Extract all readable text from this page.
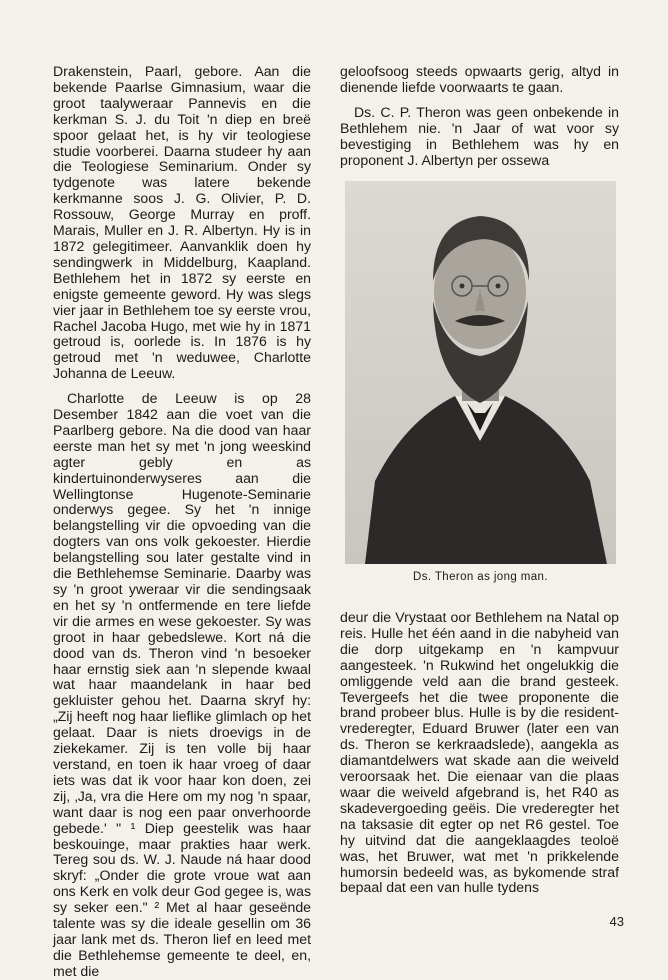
Drakenstein, Paarl, gebore. Aan die bekende Paarlse Gimnasium, waar die groot taalyweraar Pannevis en die kerkman S. J. du Toit 'n diep en breë spoor gelaat het, is hy vir teologiese studie voorberei. Daarna studeer hy aan die Teologiese Seminarium. Onder sy tydgenote was latere bekende kerkmanne soos J. G. Olivier, P. D. Rossouw, George Murray en proff. Marais, Muller en J. R. Albertyn. Hy is in 1872 gelegitimeer. Aanvanklik doen hy sendingwerk in Middelburg, Kaapland. Bethlehem het in 1872 sy eerste en enigste gemeente geword. Hy was slegs vier jaar in Bethlehem toe sy eerste vrou, Rachel Jacoba Hugo, met wie hy in 1871 getroud is, oorlede is. In 1876 is hy getroud met 'n weduwee, Charlotte Johanna de Leeuw.

Charlotte de Leeuw is op 28 Desember 1842 aan die voet van die Paarlberg gebore. Na die dood van haar eerste man het sy met 'n jong weeskind agter gebly en as kindertuinonderwyseres aan die Wellingtonse Hugenote-Seminarie onderwys gegee. Sy het 'n innige belangstelling vir die opvoeding van die dogters van ons volk gekoester. Hierdie belangstelling sou later gestalte vind in die Bethlehemse Seminarie. Daarby was sy 'n groot yweraar vir die sendingsaak en het sy 'n ontfermende en tere liefde vir die armes en wese gekoester. Sy was groot in haar gebedslewe. Kort ná die dood van ds. Theron vind 'n besoeker haar ernstig siek aan 'n slepende kwaal wat haar maandelank in haar bed gekluister gehou het. Daarna skryf hy: „Zij heeft nog haar lieflike glimlach op het gelaat. Daar is niets droevigs in de ziekekamer. Zij is ten volle bij haar verstand, en toen ik haar vroeg of daar iets was dat ik voor haar kon doen, zei zij, ‚Ja, vra die Here om my nog 'n spaar, want daar is nog een paar onverhoorde gebede.' " ¹ Diep geestelik was haar beskouinge, maar prakties haar werk. Tereg sou ds. W. J. Naude ná haar dood skryf: „Onder die grote vroue wat aan ons Kerk en volk deur God gegee is, was sy seker een." ² Met al haar geseënde talente was sy die ideale gesellin om 36 jaar lank met ds. Theron lief en leed met die Bethlehemse gemeente te deel, en, met die

geloofsoog steeds opwaarts gerig, altyd in dienende liefde voorwaarts te gaan.

Ds. C. P. Theron was geen onbekende in Bethlehem nie. 'n Jaar of wat voor sy bevestiging in Bethlehem was hy en proponent J. Albertyn per ossewa

Ds. Theron as jong man.

deur die Vrystaat oor Bethlehem na Natal op reis. Hulle het één aand in die nabyheid van die dorp uitgekamp en 'n kampvuur aangesteek. 'n Rukwind het ongelukkig die omliggende veld aan die brand gesteek. Tevergeefs het die twee proponente die brand probeer blus. Hulle is by die resident-vrederegter, Eduard Bruwer (later een van ds. Theron se kerkraadslede), aangekla as diamantdelwers wat skade aan die weiveld veroorsaak het. Die eienaar van die plaas waar die weiveld afgebrand is, het R40 as skadevergoeding geëis. Die vrederegter het na taksasie dit egter op net R6 gestel. Toe hy uitvind dat die aangeklaagdes teoloë was, het Bruwer, wat met 'n prikkelende humorsin bedeeld was, as bykomende straf bepaal dat een van hulle tydens

43
